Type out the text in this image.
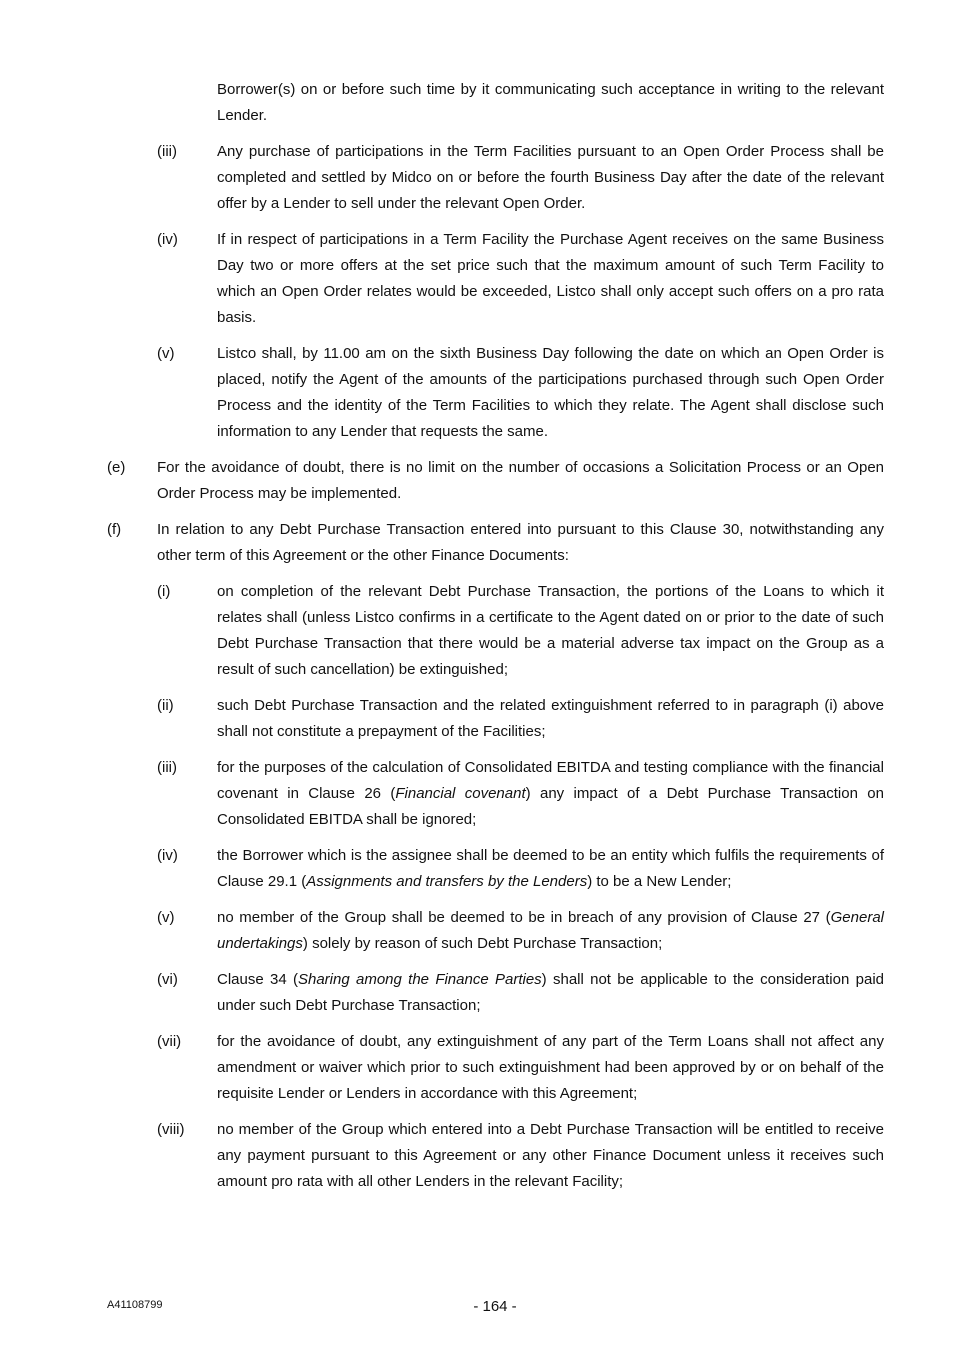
Borrower(s) on or before such time by it communicating such acceptance in writing to the relevant Lender.
(iii)	Any purchase of participations in the Term Facilities pursuant to an Open Order Process shall be completed and settled by Midco on or before the fourth Business Day after the date of the relevant offer by a Lender to sell under the relevant Open Order.
(iv)	If in respect of participations in a Term Facility the Purchase Agent receives on the same Business Day two or more offers at the set price such that the maximum amount of such Term Facility to which an Open Order relates would be exceeded, Listco shall only accept such offers on a pro rata basis.
(v)	Listco shall, by 11.00 am on the sixth Business Day following the date on which an Open Order is placed, notify the Agent of the amounts of the participations purchased through such Open Order Process and the identity of the Term Facilities to which they relate. The Agent shall disclose such information to any Lender that requests the same.
(e) For the avoidance of doubt, there is no limit on the number of occasions a Solicitation Process or an Open Order Process may be implemented.
(f) In relation to any Debt Purchase Transaction entered into pursuant to this Clause 30, notwithstanding any other term of this Agreement or the other Finance Documents:
(i)	on completion of the relevant Debt Purchase Transaction, the portions of the Loans to which it relates shall (unless Listco confirms in a certificate to the Agent dated on or prior to the date of such Debt Purchase Transaction that there would be a material adverse tax impact on the Group as a result of such cancellation) be extinguished;
(ii)	such Debt Purchase Transaction and the related extinguishment referred to in paragraph (i) above shall not constitute a prepayment of the Facilities;
(iii)	for the purposes of the calculation of Consolidated EBITDA and testing compliance with the financial covenant in Clause 26 (Financial covenant) any impact of a Debt Purchase Transaction on Consolidated EBITDA shall be ignored;
(iv)	the Borrower which is the assignee shall be deemed to be an entity which fulfils the requirements of Clause 29.1 (Assignments and transfers by the Lenders) to be a New Lender;
(v)	no member of the Group shall be deemed to be in breach of any provision of Clause 27 (General undertakings) solely by reason of such Debt Purchase Transaction;
(vi)	Clause 34 (Sharing among the Finance Parties) shall not be applicable to the consideration paid under such Debt Purchase Transaction;
(vii) for the avoidance of doubt, any extinguishment of any part of the Term Loans shall not affect any amendment or waiver which prior to such extinguishment had been approved by or on behalf of the requisite Lender or Lenders in accordance with this Agreement;
(viii) no member of the Group which entered into a Debt Purchase Transaction will be entitled to receive any payment pursuant to this Agreement or any other Finance Document unless it receives such amount pro rata with all other Lenders in the relevant Facility;
A41108799	- 164 -
